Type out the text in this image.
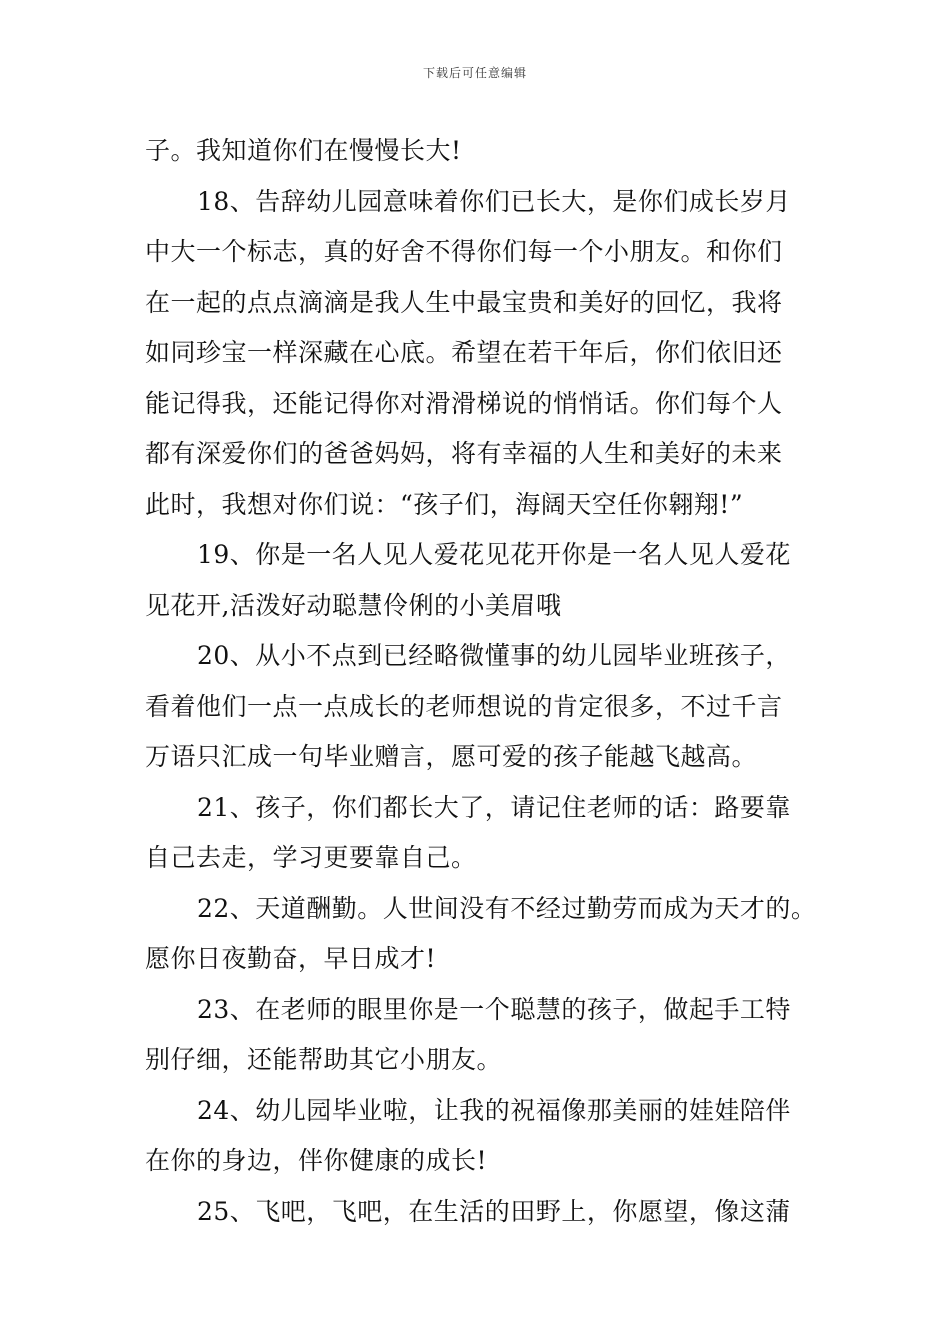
下载后可任意编辑
子。我知道你们在慢慢长大!
18、告辞幼儿园意味着你们已长大，是你们成长岁月
中大一个标志，真的好舍不得你们每一个小朋友。和你们
在一起的点点滴滴是我人生中最宝贵和美好的回忆，我将
如同珍宝一样深藏在心底。希望在若干年后，你们依旧还
能记得我，还能记得你对滑滑梯说的悄悄话。你们每个人
都有深爱你们的爸爸妈妈，将有幸福的人生和美好的未来
此时，我想对你们说：“孩子们，海阔天空任你翱翔!”
19、你是一名人见人爱花见花开你是一名人见人爱花
见花开,活泼好动聪慧伶俐的小美眉哦
20、从小不点到已经略微懂事的幼儿园毕业班孩子，
看着他们一点一点成长的老师想说的肯定很多，不过千言
万语只汇成一句毕业赠言，愿可爱的孩子能越飞越高。
21、孩子，你们都长大了，请记住老师的话：路要靠
自己去走，学习更要靠自己。
22、天道酬勤。人世间没有不经过勤劳而成为天才的。
愿你日夜勤奋，早日成才!
23、在老师的眼里你是一个聪慧的孩子，做起手工特
别仔细，还能帮助其它小朋友。
24、幼儿园毕业啦，让我的祝福像那美丽的娃娃陪伴
在你的身边，伴你健康的成长!
25、飞吧，飞吧，在生活的田野上，你愿望，像这蒲
